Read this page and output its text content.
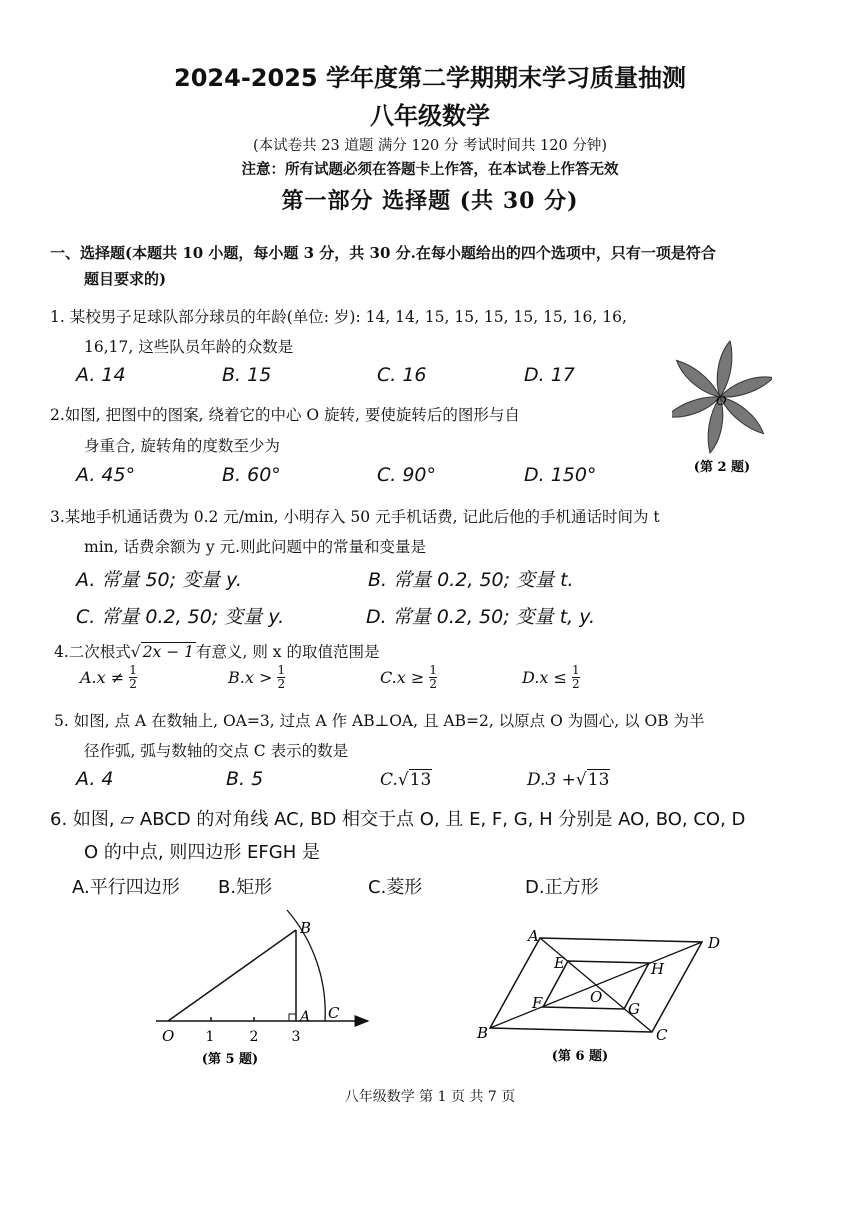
2024-2025 学年度第二学期期末学习质量抽测
八年级数学
(本试卷共 23 道题 满分 120 分 考试时间共 120 分钟)
注意：所有试题必须在答题卡上作答，在本试卷上作答无效
第一部分 选择题 (共 30 分)
一、选择题(本题共 10 小题，每小题 3 分，共 30 分.在每小题给出的四个选项中，只有一项是符合
题目要求的)
1. 某校男子足球队部分球员的年龄(单位: 岁): 14, 14, 15, 15, 15, 15, 15, 16, 16,
16,17, 这些队员年龄的众数是
A. 14	B. 15	C. 16	D. 17
O
(第 2 题)
2.如图, 把图中的图案, 绕着它的中心 O 旋转, 要使旋转后的图形与自
身重合, 旋转角的度数至少为
A. 45°	B. 60°	C. 90°	D. 150°
3.某地手机通话费为 0.2 元/min, 小明存入 50 元手机话费, 记此后他的手机通话时间为 t
min, 话费余额为 y 元.则此问题中的常量和变量是
A. 常量 50; 变量 y.	B. 常量 0.2, 50; 变量 t.
C. 常量 0.2, 50; 变量 y.	D. 常量 0.2, 50; 变量 t, y.
4.二次根式√ 2x − 1 有意义, 则 x 的取值范围是
$A.x \ne \frac{1}{2}$	$B.x > \frac{1}{2}$	$C.x \ge \frac{1}{2}$	$D.x \le \frac{1}{2}$
5. 如图, 点 A 在数轴上, OA=3, 过点 A 作 AB⊥OA, 且 AB=2, 以原点 O 为圆心, 以 OB 为半
径作弧, 弧与数轴的交点 C 表示的数是
A. 4	B. 5	C.√13	D.3 +√13
6. 如图, ▱ ABCD 的对角线 AC, BD 相交于点 O, 且 E, F, G, H 分别是 AO, BO, CO, D
O 的中点, 则四边形 EFGH 是
A.平行四边形 B.矩形	C.菱形	D.正方形
1	2 3
O
A
B
C
(第 5 题)
A
B	C
D
E
F	G
H
O
(第 6 题)
八年级数学 第 1 页 共 7 页
